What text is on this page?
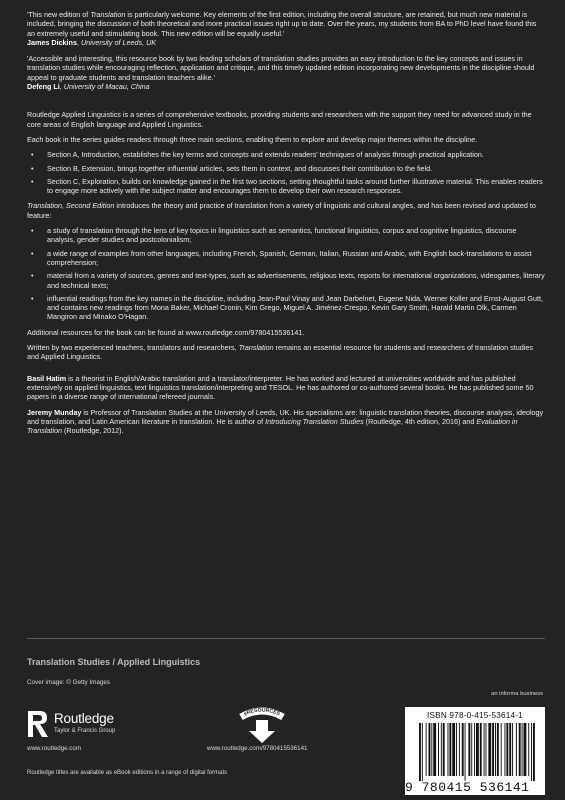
'This new edition of Translation is particularly welcome. Key elements of the first edition, including the overall structure, are retained, but much new material is included, bringing the discussion of both theoretical and more practical issues right up to date. Over the years, my students from BA to PhD level have found this an extremely useful and stimulating book. This new edition will be equally useful.'
James Dickins, University of Leeds, UK
'Accessible and interesting, this resource book by two leading scholars of translation studies provides an easy introduction to the key concepts and issues in translation studies while encouraging reflection, application and critique, and this timely updated edition incorporating new developments in the discipline should appeal to graduate students and translation teachers alike.'
Defeng Li, University of Macau, China

Routledge Applied Linguistics is a series of comprehensive textbooks, providing students and researchers with the support they need for advanced study in the core areas of English language and Applied Linguistics.

Each book in the series guides readers through three main sections, enabling them to explore and develop major themes within the discipline.

• Section A, Introduction, establishes the key terms and concepts and extends readers' techniques of analysis through practical application.
• Section B, Extension, brings together influential articles, sets them in context, and discusses their contribution to the field.
• Section C, Exploration, builds on knowledge gained in the first two sections, setting thoughtful tasks around further illustrative material. This enables readers to engage more actively with the subject matter and encourages them to develop their own research responses.

Translation, Second Edition introduces the theory and practice of translation from a variety of linguistic and cultural angles, and has been revised and updated to feature:

• a study of translation through the lens of key topics in linguistics such as semantics, functional linguistics, corpus and cognitive linguistics, discourse analysis, gender studies and postcolonialism;
• a wide range of examples from other languages, including French, Spanish, German, Italian, Russian and Arabic, with English back-translations to assist comprehension;
• material from a variety of sources, genres and text-types, such as advertisements, religious texts, reports for international organizations, videogames, literary and technical texts;
• influential readings from the key names in the discipline, including Jean-Paul Vinay and Jean Darbelnet, Eugene Nida, Werner Koller and Ernst-August Gutt, and contains new readings from Mona Baker, Michael Cronin, Kim Grego, Miguel A. Jiménez-Crespo, Kevin Gary Smith, Harald Martin Olk, Carmen Mangiron and Minako O'Hagan.

Additional resources for the book can be found at www.routledge.com/9780415536141.

Written by two experienced teachers, translators and researchers, Translation remains an essential resource for students and researchers of translation studies and Applied Linguistics.

Basil Hatim is a theorist in English/Arabic translation and a translator/interpreter. He has worked and lectured at universities worldwide and has published extensively on applied linguistics, text linguistics translation/interpreting and TESOL. He has authored or co-authored several books. He has published some 50 papers in a diverse range of international refereed journals.

Jeremy Munday is Professor of Translation Studies at the University of Leeds, UK. His specialisms are: linguistic translation theories, discourse analysis, ideology and translation, and Latin American literature in translation. He is author of Introducing Translation Studies (Routledge, 4th edition, 2016) and Evaluation in Translation (Routledge, 2012).

Translation Studies / Applied Linguistics
Cover image: © Getty Images
an informa business
Routledge
Taylor & Francis Group
www.routledge.com
eRESOURCES
www.routledge.com/9780415536141
Routledge titles are available as eBook editions in a range of digital formats
ISBN 978-0-415-53614-1
9 780415 536141
